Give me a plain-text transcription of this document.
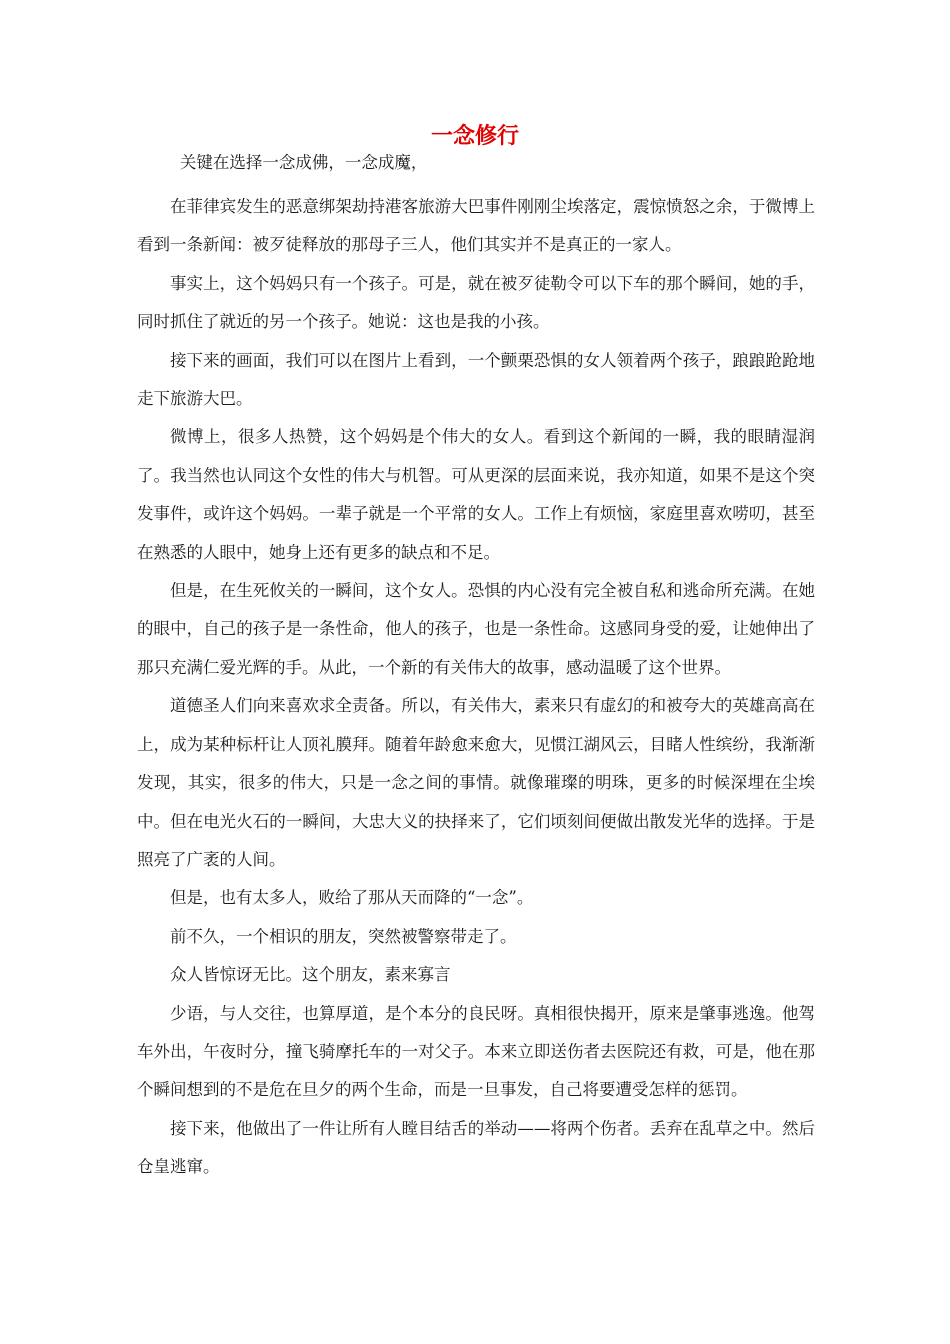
一念修行

关键在选择一念成佛，一念成魔，

在菲律宾发生的恶意绑架劫持港客旅游大巴事件刚刚尘埃落定，震惊愤怒之余，于微博上看到一条新闻：被歹徒释放的那母子三人，他们其实并不是真正的一家人。

事实上，这个妈妈只有一个孩子。可是，就在被歹徒勒令可以下车的那个瞬间，她的手，同时抓住了就近的另一个孩子。她说：这也是我的小孩。

接下来的画面，我们可以在图片上看到，一个颤栗恐惧的女人领着两个孩子，踉踉跄跄地走下旅游大巴。

微博上，很多人热赞，这个妈妈是个伟大的女人。看到这个新闻的一瞬，我的眼睛湿润了。我当然也认同这个女性的伟大与机智。可从更深的层面来说，我亦知道，如果不是这个突发事件，或许这个妈妈。一辈子就是一个平常的女人。工作上有烦恼，家庭里喜欢唠叨，甚至在熟悉的人眼中，她身上还有更多的缺点和不足。

但是，在生死攸关的一瞬间，这个女人。恐惧的内心没有完全被自私和逃命所充满。在她的眼中，自己的孩子是一条性命，他人的孩子，也是一条性命。这感同身受的爱，让她伸出了那只充满仁爱光辉的手。从此，一个新的有关伟大的故事，感动温暖了这个世界。

道德圣人们向来喜欢求全责备。所以，有关伟大，素来只有虚幻的和被夸大的英雄高高在上，成为某种标杆让人顶礼膜拜。随着年龄愈来愈大，见惯江湖风云，目睹人性缤纷，我渐渐发现，其实，很多的伟大，只是一念之间的事情。就像璀璨的明珠，更多的时候深埋在尘埃中。但在电光火石的一瞬间，大忠大义的抉择来了，它们顷刻间便做出散发光华的选择。于是照亮了广袤的人间。

但是，也有太多人，败给了那从天而降的“一念”。

前不久，一个相识的朋友，突然被警察带走了。

众人皆惊讶无比。这个朋友，素来寡言

少语，与人交往，也算厚道，是个本分的良民呀。真相很快揭开，原来是肇事逃逸。他驾车外出，午夜时分，撞飞骑摩托车的一对父子。本来立即送伤者去医院还有救，可是，他在那个瞬间想到的不是危在旦夕的两个生命，而是一旦事发，自己将要遭受怎样的惩罚。

接下来，他做出了一件让所有人瞠目结舌的举动——将两个伤者。丢弃在乱草之中。然后仓皇逃窜。
